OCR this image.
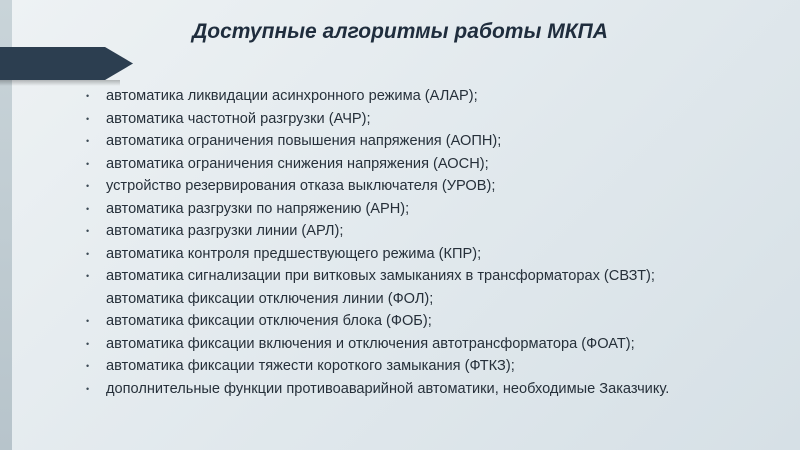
Доступные алгоритмы работы МКПА
•	автоматика ликвидации асинхронного режима (АЛАР);
•	автоматика частотной разгрузки (АЧР);
•	автоматика ограничения повышения напряжения (АОПН);
•	автоматика ограничения снижения напряжения (АОСН);
•	устройство резервирования отказа выключателя (УРОВ);
•	автоматика разгрузки по напряжению (АРН);
•	автоматика разгрузки линии (АРЛ);
•	автоматика контроля предшествующего режима (КПР);
•	автоматика сигнализации при витковых замыканиях в трансформаторах (СВЗТ);
автоматика фиксации отключения линии (ФОЛ);
•	автоматика фиксации отключения блока (ФОБ);
•	автоматика фиксации включения и отключения автотрансформатора (ФОАТ);
•	автоматика фиксации тяжести короткого замыкания (ФТКЗ);
•	дополнительные функции противоаварийной автоматики, необходимые Заказчику.
